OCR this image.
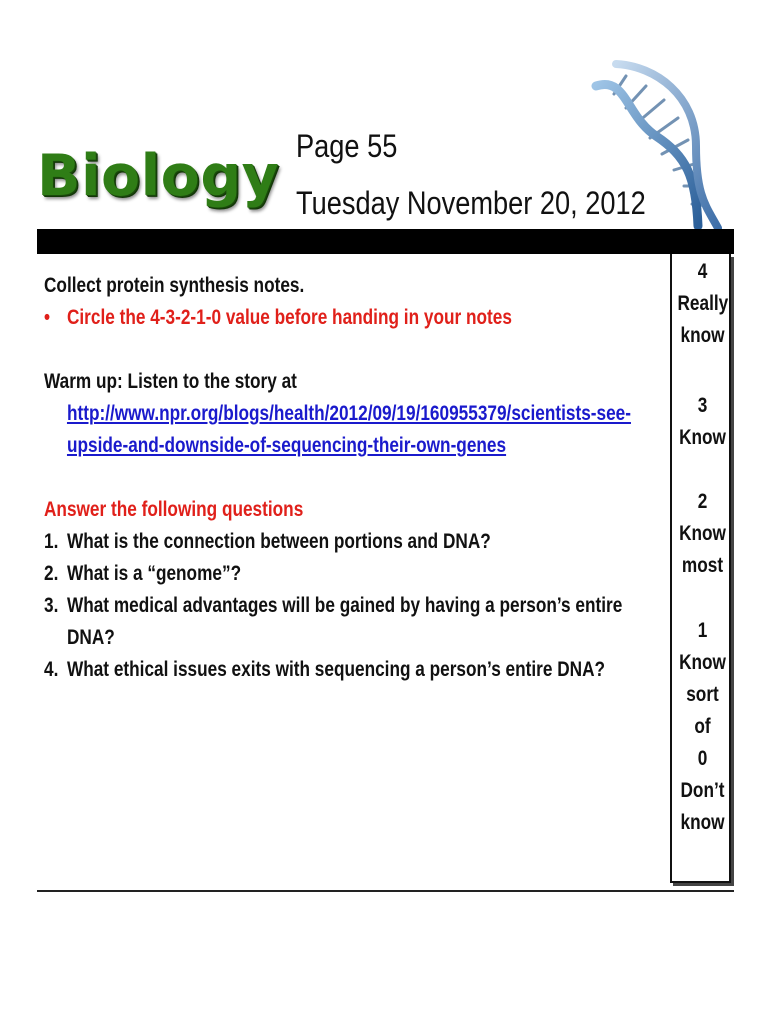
Biology Page 55
Tuesday November 20, 2012
Collect protein synthesis notes.
• Circle the 4-3-2-1-0 value before handing in your notes
Warm up: Listen to the story at
http://www.npr.org/blogs/health/2012/09/19/160955379/scientists-see-
upside-and-downside-of-sequencing-their-own-genes
Answer the following questions
1. What is the connection between portions and DNA?
2. What is a “genome”?
3. What medical advantages will be gained by having a person’s entire
DNA?
4. What ethical issues exits with sequencing a person’s entire DNA?
4
Really
know
3
Know
2
Know
most
1
Know
sort of
0
Don’t
know
